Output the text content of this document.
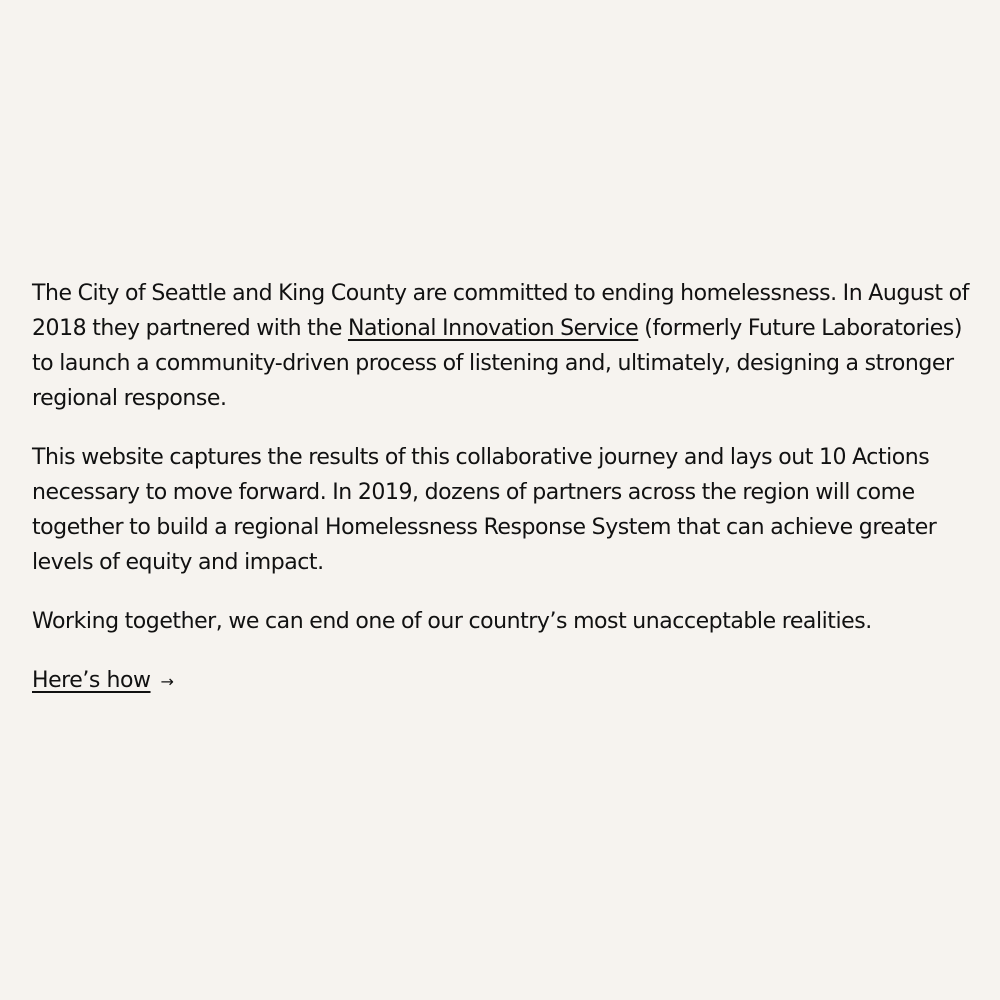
The City of Seattle and King County are committed to ending homelessness. In August of 2018 they partnered with the National Innovation Service (formerly Future Laboratories) to launch a community-driven process of listening and, ultimately, designing a stronger regional response.

This website captures the results of this collaborative journey and lays out 10 Actions necessary to move forward. In 2019, dozens of partners across the region will come together to build a regional Homelessness Response System that can achieve greater levels of equity and impact.

Working together, we can end one of our country’s most unacceptable realities.

Here’s how →
